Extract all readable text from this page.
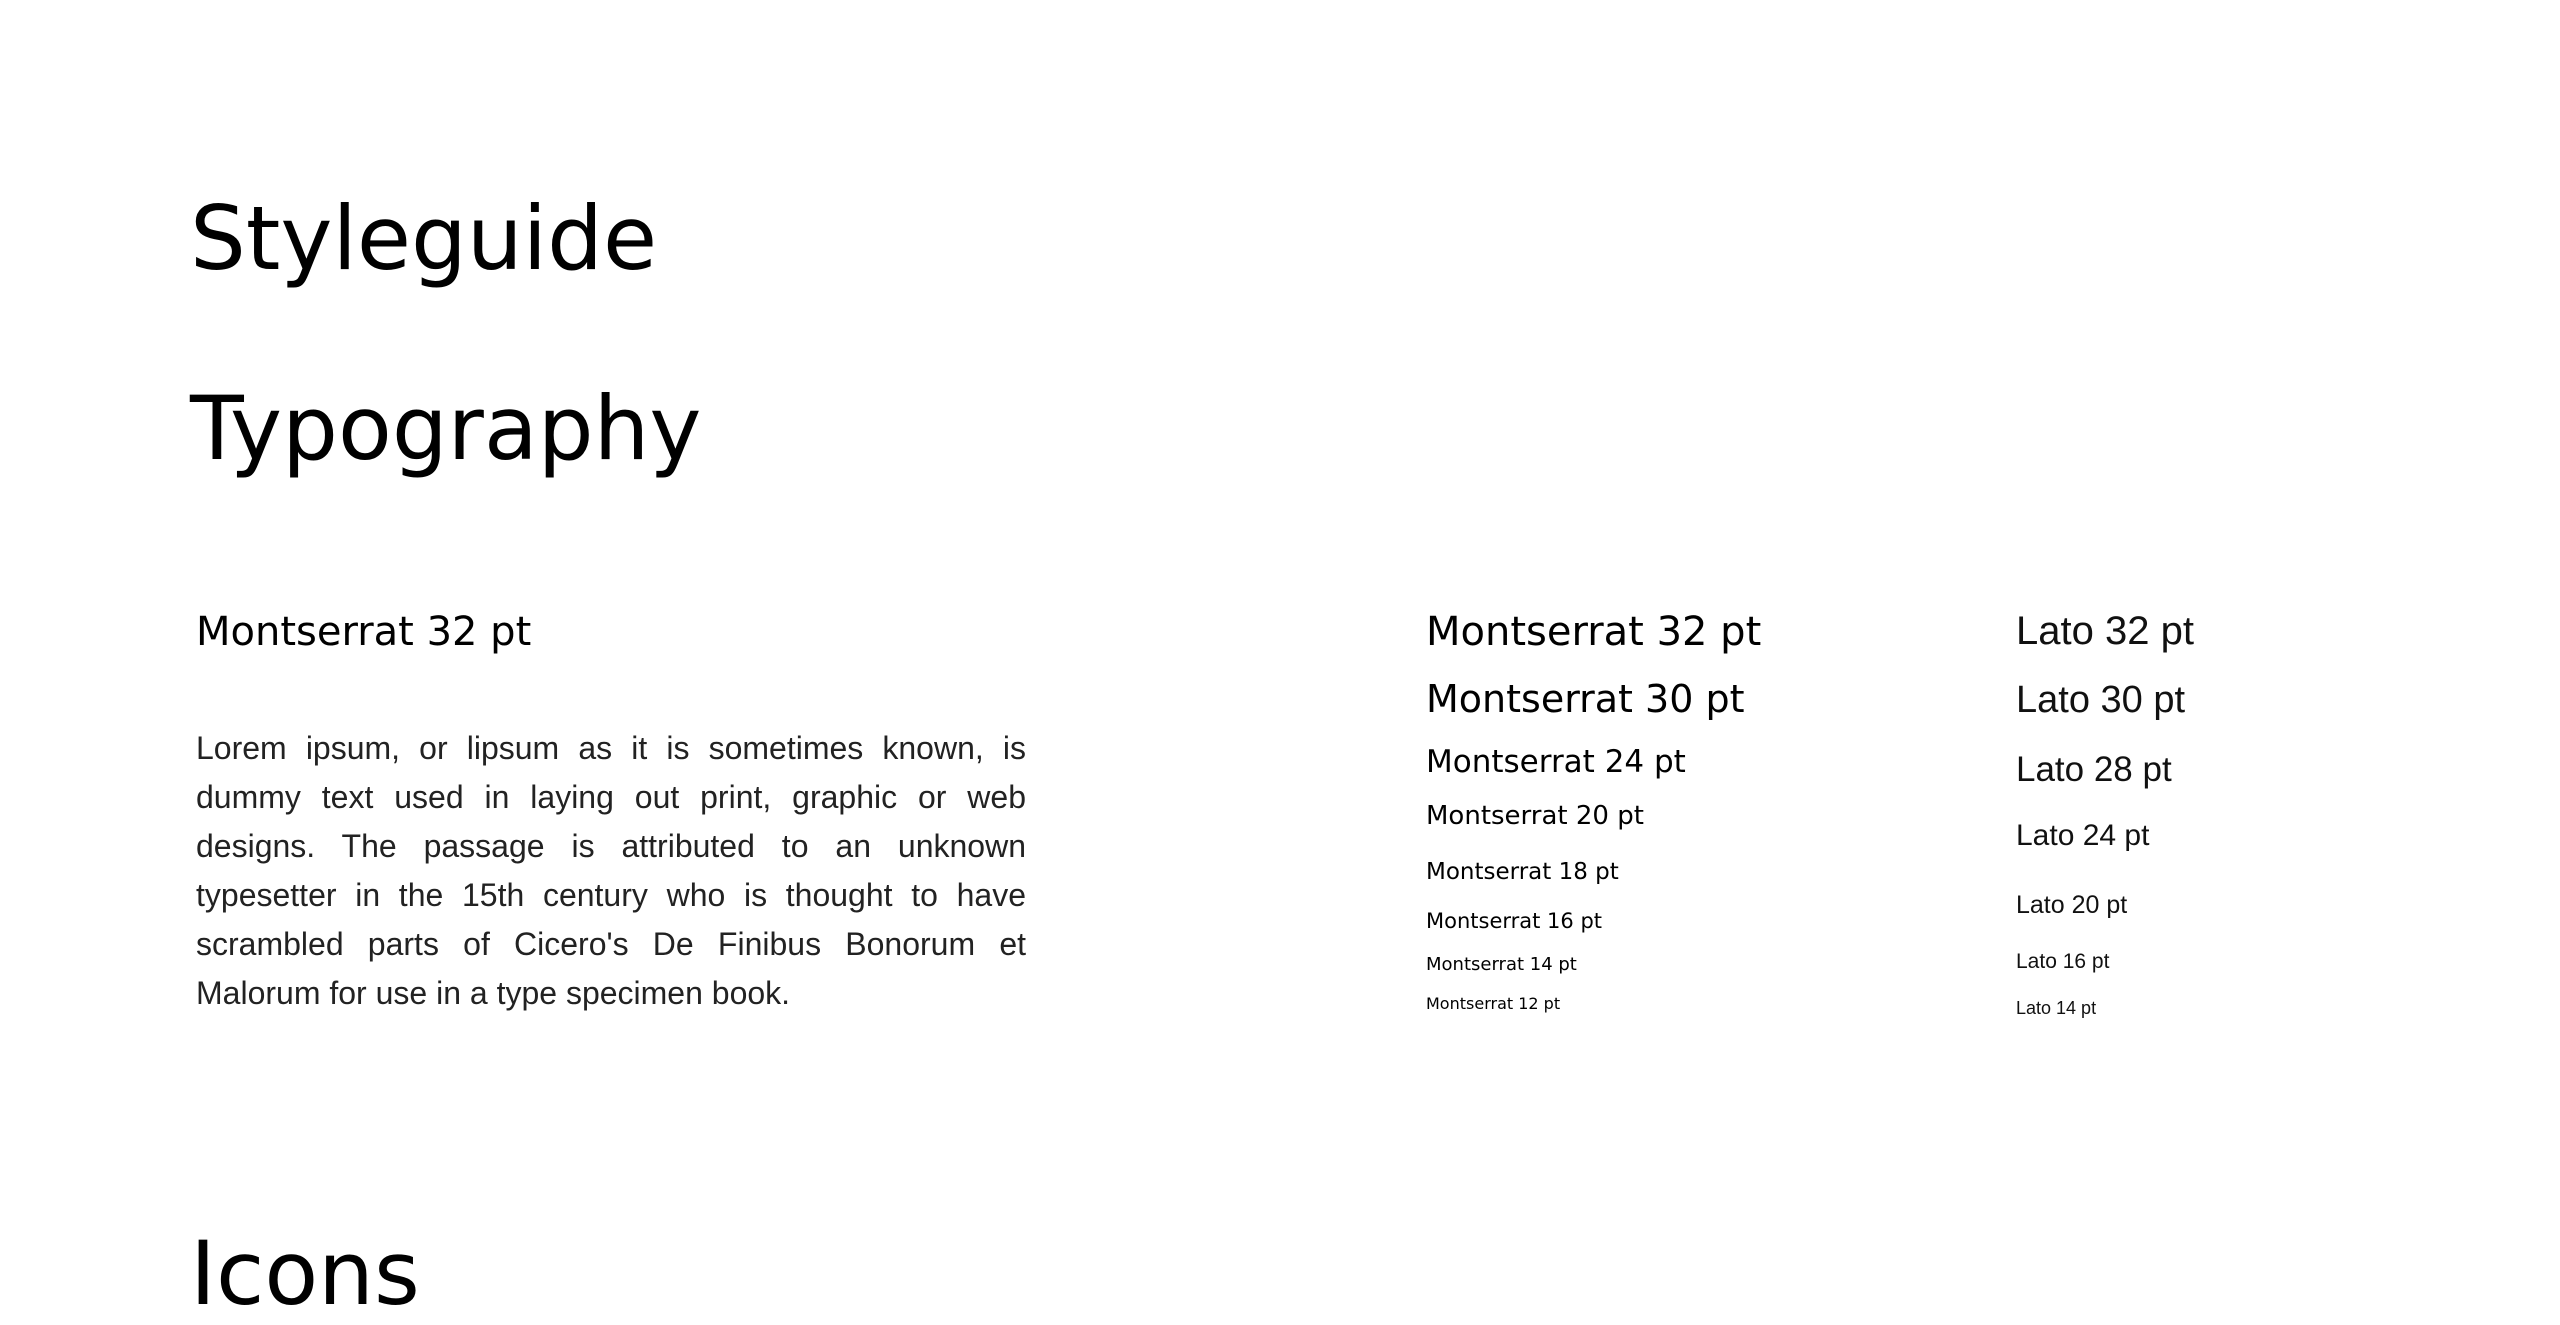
Styleguide
Typography
Montserrat 32 pt

Lorem ipsum, or lipsum as it is sometimes known, is dummy text used in laying out print, graphic or web designs. The passage is attributed to an unknown typesetter in the 15th century who is thought to have scrambled parts of Cicero's De Finibus Bonorum et Malorum for use in a type specimen book.

Montserrat 32 pt
Montserrat 30 pt
Montserrat 24 pt
Montserrat 20 pt
Montserrat 18 pt
Montserrat 16 pt
Montserrat 14 pt
Montserrat 12 pt
Lato 32 pt
Lato 30 pt
Lato 28 pt
Lato 24 pt
Lato 20 pt
Lato 16 pt
Lato 14 pt
Icons
